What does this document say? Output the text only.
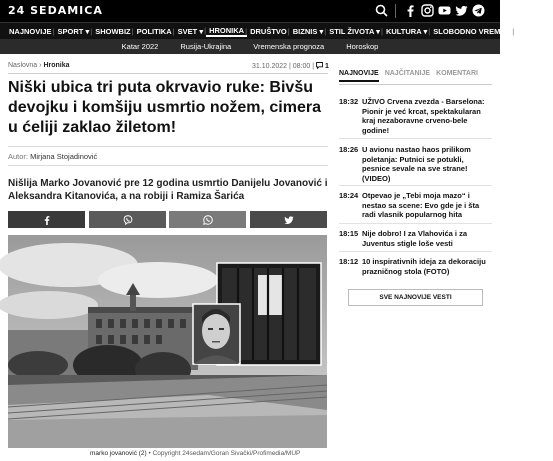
24 SEDAMICA
NAJNOVIJE | SPORT ▾ | SHOWBIZ | POLITIKA | SVET ▾ | HRONIKA | DRUŠTVO | BIZNIS ▾ | STIL ŽIVOTA ▾ | KULTURA ▾ | SLOBODNO VREME ▾ | SRBIJA ▾
Katar 2022	Rusija-Ukrajina	Vremenska prognoza	Horoskop
Naslovna › Hronika	31.10.2022 | 08:00 |  1
Niški ubica tri puta okrvavio ruke: Bivšu devojku i komšiju usmrtio nožem, cimera u ćeliji zaklao žiletom!
Autor: Mirjana Stojadinović

Nišlija Marko Jovanović pre 12 godina usmrtio Danijelu Jovanović i Aleksandra Kitanovića, a na robiji i Ramiza Šarića

marko jovanović (2) • Copyright 24sedam/Goran Sivački/Profimedia/MUP
NAJNOVIJE NAJČITANIJE KOMENTARI
18:32 UŽIVO Crvena zvezda - Barselona: Pionir je već krcat, spektakularan kraj nezaboravne crveno-bele godine!
18:26 U avionu nastao haos prilikom poletanja: Putnici se potukli, pesnice sevale na sve strane! (VIDEO)
18:24 Otpevao je „Tebi moja mazo“ i nestao sa scene: Evo gde je i šta radi vlasnik popularnog hita
18:15 Nije dobro! I za Vlahovića i za Juventus stigle loše vesti
18:12 10 inspirativnih ideja za dekoraciju prazničnog stola (FOTO)
SVE NAJNOVIJE VESTI
